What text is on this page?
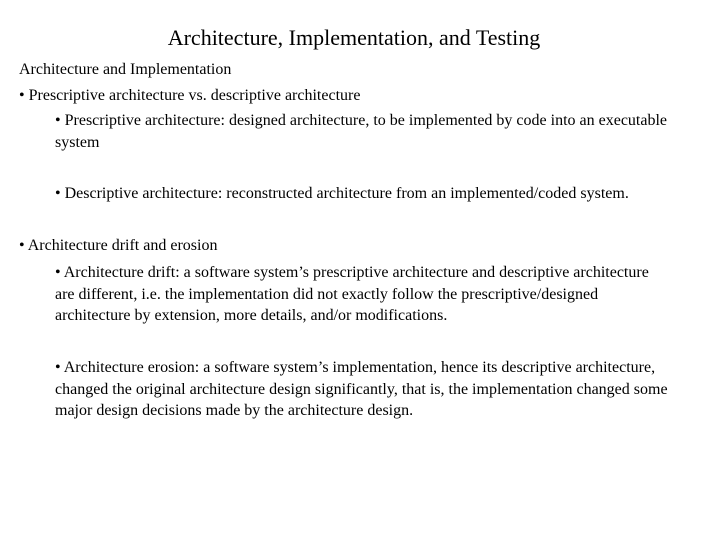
Architecture, Implementation, and Testing
Architecture and Implementation
• Prescriptive architecture vs. descriptive architecture
• Prescriptive architecture: designed architecture, to be implemented by code into an executable system
• Descriptive architecture: reconstructed architecture from an implemented/coded system.
• Architecture drift and erosion
• Architecture drift: a software system’s prescriptive architecture and descriptive architecture are different, i.e. the implementation did not exactly follow the prescriptive/designed architecture by extension, more details, and/or modifications.
• Architecture erosion: a software system’s implementation, hence its descriptive architecture, changed the original architecture design significantly, that is, the implementation changed some major design decisions made by the architecture design.
